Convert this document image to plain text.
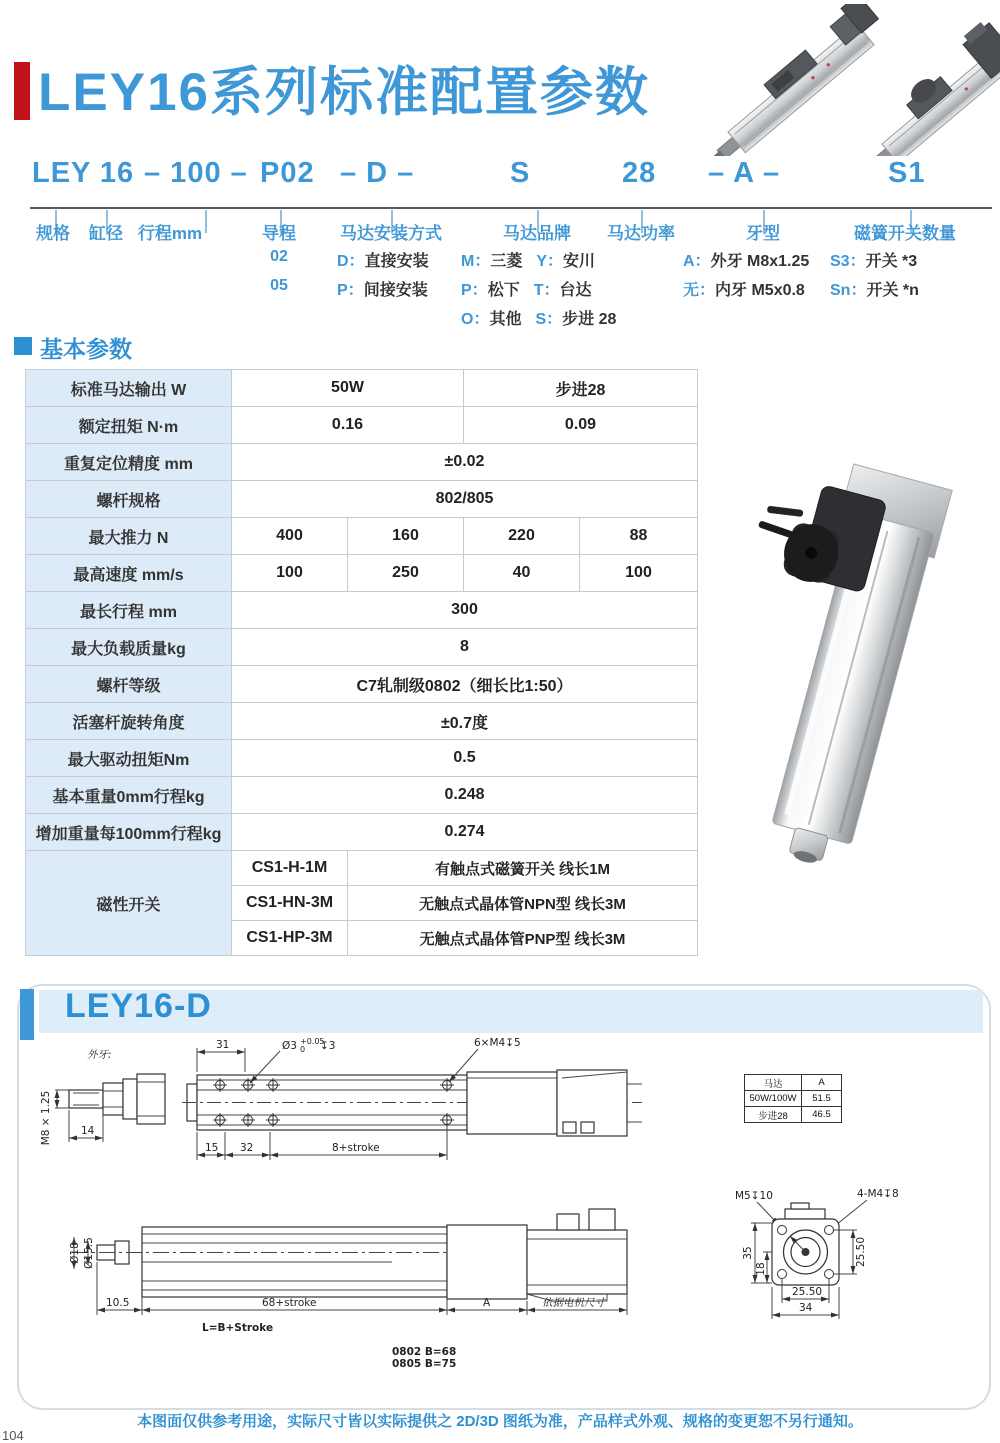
LEY16系列标准配置参数
LEY 16 – 100 – P02 – D –	S	28 – A –	S1
规格 缸径 行程mm	导程	马达安装方式	马达品牌 马达功率	牙型	磁簧开关数量
02
05
D：直接安装
P：间接安装
M：三菱 Y：安川
P：松下 T：台达
O：其他 S：步进 28
A：外牙 M8x1.25
无：内牙 M5x0.8
S3：开关 *3
Sn：开关 *n
基本参数
标准马达输出 W	50W		步进28	
额定扭矩 N·m	0.16		0.09	
重复定位精度 mm	±0.02			
螺杆规格	802/805			
最大推力 N	400	160	220	88
最高速度 mm/s	100	250	40	100
最长行程 mm	300			
最大负载质量kg	8			
螺杆等级	C7轧制级0802（细长比1:50）			
活塞杆旋转角度	±0.7度			
最大驱动扭矩Nm	0.5			
基本重量0mm行程kg	0.248			
增加重量每100mm行程kg	0.274			
磁性开关	CS1-H-1M	有触点式磁簧开关 线长1M		
	CS1-HN-3M	无触点式晶体管NPN型 线长3M		
	CS1-HP-3M	无触点式晶体管PNP型 线长3M		
LEY16-D
马达	A
50W/100W	51.5
步进28	46.5
外牙:
M8 × 1.25	14
31	Ø3 +0.05
0 ↧3	6×M4↧5
15 32	8+stroke
Ø18 Ø15.5
10.5	68+stroke	A	依据电机尺寸
L=B+Stroke
0802 B=68
0805 B=75
M5↧10	4-M4↧8
35
18
25.50
25.50
34
本图面仅供参考用途，实际尺寸皆以实际提供之 2D/3D 图纸为准，产品样式外观、规格的变更恕不另行通知。
104
